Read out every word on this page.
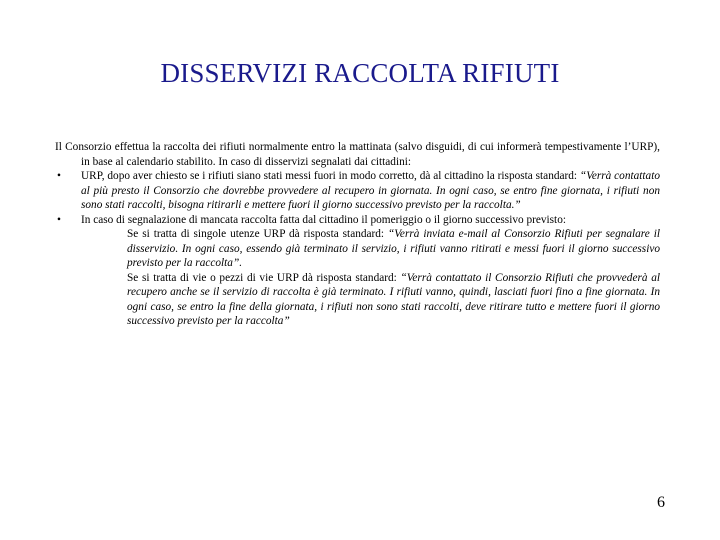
DISSERVIZI RACCOLTA RIFIUTI

Il Consorzio effettua la raccolta dei rifiuti normalmente entro la mattinata (salvo disguidi, di cui informerà tempestivamente l’URP), in base al calendario stabilito. In caso di disservizi segnalati dai cittadini:

• URP, dopo aver chiesto se i rifiuti siano stati messi fuori in modo corretto, dà al cittadino la risposta standard: “Verrà contattato al più presto il Consorzio che dovrebbe provvedere al recupero in giornata. In ogni caso, se entro fine giornata, i rifiuti non sono stati raccolti, bisogna ritirarli e mettere fuori il giorno successivo previsto per la raccolta.”
• In caso di segnalazione di mancata raccolta fatta dal cittadino il pomeriggio o il giorno successivo previsto:
Se si tratta di singole utenze URP dà risposta standard: “Verrà inviata e-mail al Consorzio Rifiuti per segnalare il disservizio. In ogni caso, essendo già terminato il servizio, i rifiuti vanno ritirati e messi fuori il giorno successivo previsto per la raccolta”.
Se si tratta di vie o pezzi di vie URP dà risposta standard: “Verrà contattato il Consorzio Rifiuti che provvederà al recupero anche se il servizio di raccolta è già terminato. I rifiuti vanno, quindi, lasciati fuori fino a fine giornata. In ogni caso, se entro la fine della giornata, i rifiuti non sono stati raccolti, deve ritirare tutto e mettere fuori il giorno successivo previsto per la raccolta”
6
